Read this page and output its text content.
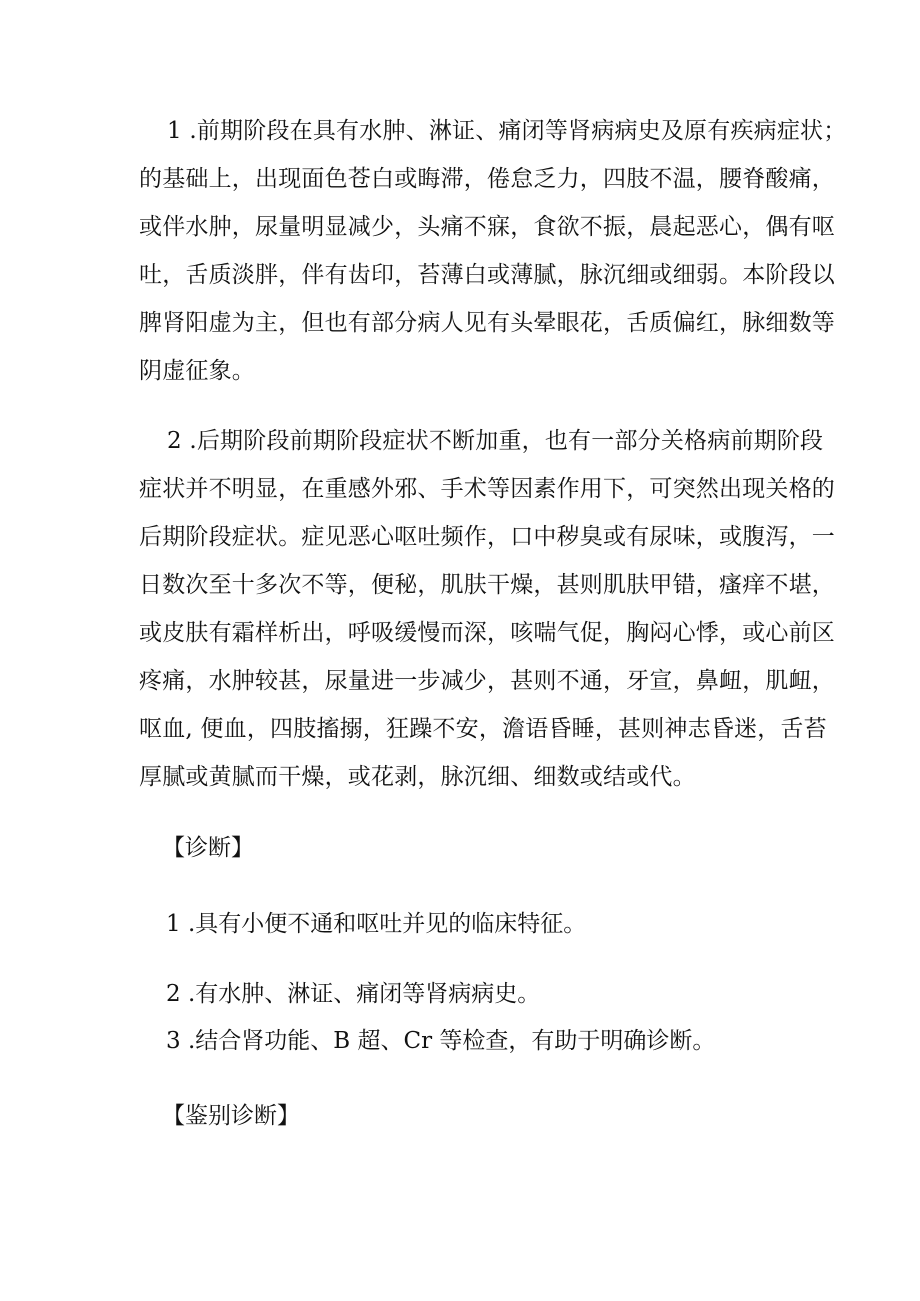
1 .前期阶段在具有水肿、淋证、痛闭等肾病病史及原有疾病症状；
的基础上，出现面色苍白或晦滞，倦怠乏力，四肢不温，腰脊酸痛，
或伴水肿，尿量明显减少，头痛不寐，食欲不振，晨起恶心，偶有呕
吐，舌质淡胖，伴有齿印，苔薄白或薄腻，脉沉细或细弱。本阶段以
脾肾阳虚为主，但也有部分病人见有头晕眼花，舌质偏红，脉细数等
阴虚征象。
2 .后期阶段前期阶段症状不断加重，也有一部分关格病前期阶段
症状并不明显，在重感外邪、手术等因素作用下，可突然出现关格的
后期阶段症状。症见恶心呕吐频作，口中秽臭或有尿味，或腹泻，一
日数次至十多次不等，便秘，肌肤干燥，甚则肌肤甲错，瘙痒不堪，
或皮肤有霜样析出，呼吸缓慢而深，咳喘气促，胸闷心悸，或心前区
疼痛，水肿较甚，尿量进一步减少，甚则不通，牙宣，鼻衄，肌衄，
呕血, 便血，四肢搐搦，狂躁不安，澹语昏睡，甚则神志昏迷，舌苔
厚腻或黄腻而干燥，或花剥，脉沉细、细数或结或代。
【诊断】
1 .具有小便不通和呕吐并见的临床特征。
2 .有水肿、淋证、痛闭等肾病病史。
3 .结合肾功能、B 超、Cr 等检查，有助于明确诊断。
【鉴别诊断】
